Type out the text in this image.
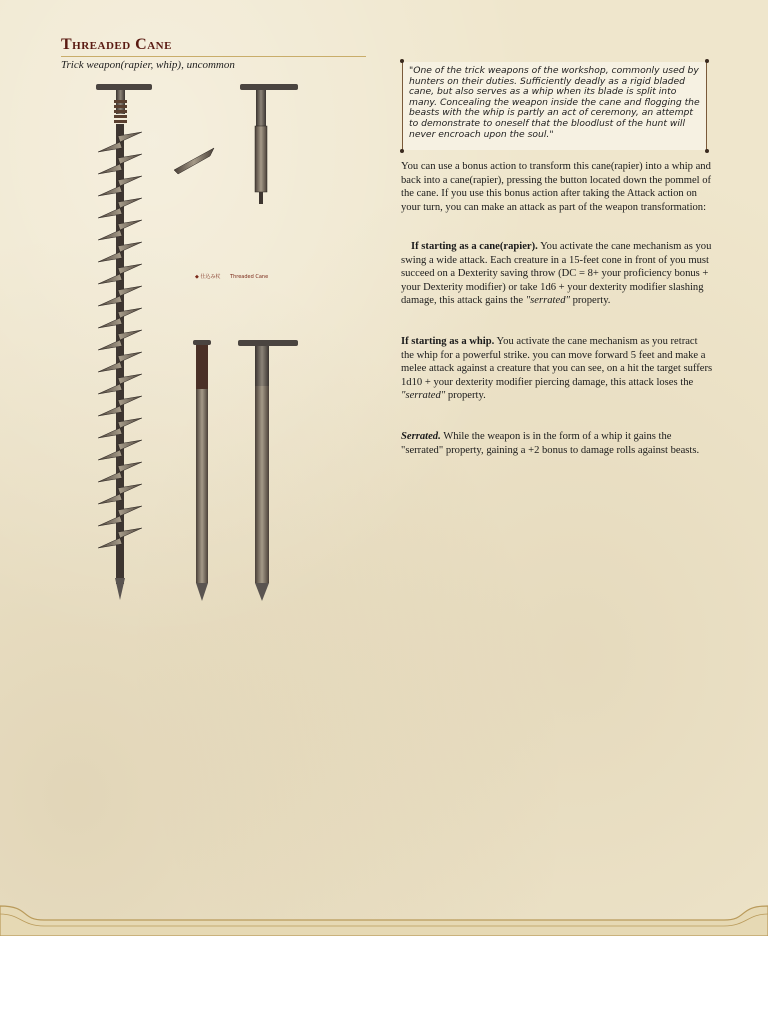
Threaded Cane
Trick weapon(rapier, whip), uncommon
◆ 仕込み杖 Threaded Cane

"One of the trick weapons of the workshop, commonly used by hunters on their duties. Sufficiently deadly as a rigid bladed cane, but also serves as a whip when its blade is split into many. Concealing the weapon inside the cane and flogging the beasts with the whip is partly an act of ceremony, an attempt to demonstrate to oneself that the bloodlust of the hunt will never encroach upon the soul."

You can use a bonus action to transform this cane(rapier) into a whip and back into a cane(rapier), pressing the button located down the pommel of the cane. If you use this bonus action after taking the Attack action on your turn, you can make an attack as part of the weapon transformation:

If starting as a cane(rapier). You activate the cane mechanism as you swing a wide attack. Each creature in a 15-feet cone in front of you must succeed on a Dexterity saving throw (DC = 8+ your proficiency bonus + your Dexterity modifier) or take 1d6 + your dexterity modifier slashing damage, this attack gains the "serrated" property.

If starting as a whip. You activate the cane mechanism as you retract the whip for a powerful strike. you can move forward 5 feet and make a melee attack against a creature that you can see, on a hit the target suffers 1d10 + your dexterity modifier piercing damage, this attack loses the "serrated" property.

Serrated. While the weapon is in the form of a whip it gains the "serrated" property, gaining a +2 bonus to damage rolls against beasts.
